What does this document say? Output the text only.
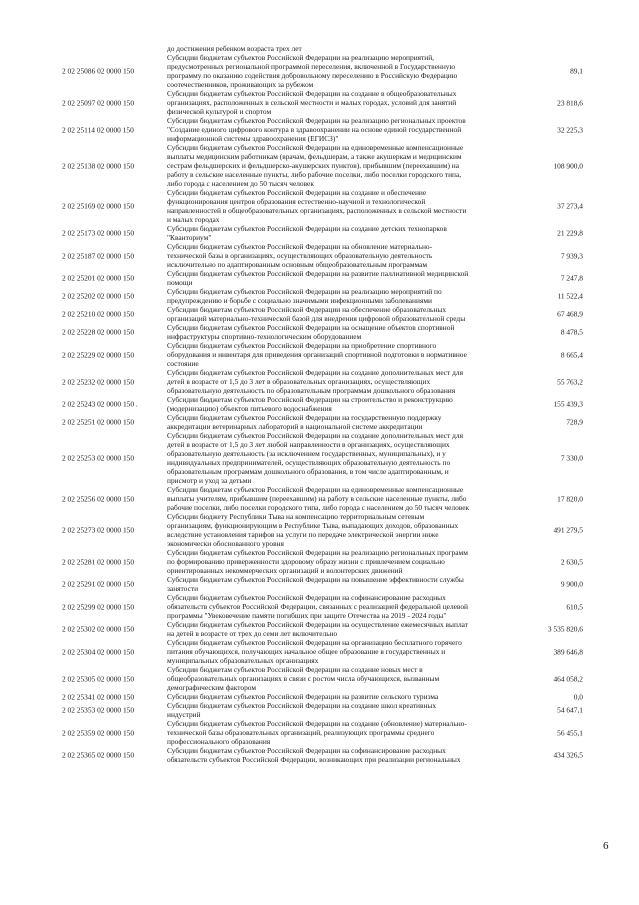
до достижения ребенком возраста трех лет
2 02 25086 02 0000 150
Субсидии бюджетам субъектов Российской Федерации на реализацию мероприятий,
предусмотренных региональной программой переселения, включенной в Государственную
программу по оказанию содействия добровольному переселению в Российскую Федерацию
соотечественников, проживающих за рубежом
89,1
2 02 25097 02 0000 150
Субсидии бюджетам субъектов Российской Федерации на создание в общеобразовательных
организациях, расположенных в сельской местности и малых городах, условий для занятий
физической культурой и спортом
23 818,6
2 02 25114 02 0000 150
Субсидии бюджетам субъектов Российской Федерации на реализацию региональных проектов
"Создание единого цифрового контура в здравоохранении на основе единой государственной
информационной системы здравоохранения (ЕГИСЗ)"
32 225,3
2 02 25138 02 0000 150
Субсидии бюджетам субъектов Российской Федерации на единовременные компенсационные
выплаты медицинским работникам (врачам, фельдшерам, а также акушеркам и медицинским
сестрам фельдшерских и фельдшерско-акушерских пунктов), прибывшим (переехавшим) на
работу в сельские населенные пункты, либо рабочие поселки, либо поселки городского типа,
либо города с населением до 50 тысяч человек
108 900,0
2 02 25169 02 0000 150
Субсидии бюджетам субъектов Российской Федерации на создание и обеспечение
функционирования центров образования естественно-научной и технологической
направленностей в общеобразовательных организациях, расположенных в сельской местности
и малых городах
37 273,4
2 02 25173 02 0000 150	Субсидии бюджетам субъектов Российской Федерации на создание детских технопарков
"Кванториум"	21 229,8
2 02 25187 02 0000 150
Субсидии бюджетам субъектов Российской Федерации на обновление материально-
технической базы в организациях, осуществляющих образовательную деятельность
исключительно по адаптированным основным общеобразовательным программам
7 939,3
2 02 25201 02 0000 150	Субсидии бюджетам субъектов Российской Федерации на развитие паллиативной медицинской
помощи	7 247,8
2 02 25202 02 0000 150	Субсидии бюджетам субъектов Российской Федерации на реализацию мероприятий по
предупреждению и борьбе с социально значимыми инфекционными заболеваниями	11 522,4
2 02 25210 02 0000 150	Субсидии бюджетам субъектов Российской Федерации на обеспечение образовательных
организаций материально-технической базой для внедрения цифровой образовательной среды	67 468,9
2 02 25228 02 0000 150	Субсидии бюджетам субъектов Российской Федерации на оснащение объектов спортивной
инфраструктуры спортивно-технологическим оборудованием	8 478,5
2 02 25229 02 0000 150
Субсидии бюджетам субъектов Российской Федерации на приобретение спортивного
оборудования и инвентаря для приведения организаций спортивной подготовки в нормативное
состояние
8 665,4
2 02 25232 02 0000 150
Субсидии бюджетам субъектов Российской Федерации на создание дополнительных мест для
детей в возрасте от 1,5 до 3 лет в образовательных организациях, осуществляющих
образовательную деятельность по образовательным программам дошкольного образования
55 763,2
2 02 25243 02 0000 150 .	Субсидии бюджетам субъектов Российской Федерации на строительство и реконструкцию
(модернизацию) объектов питьевого водоснабжения	155 439,3
2 02 25251 02 0000 150	Субсидии бюджетам субъектов Российской Федерации на государственную поддержку
аккредитации ветеринарных лабораторий в национальной системе аккредитации	728,9
2 02 25253 02 0000 150
Субсидии бюджетам субъектов Российской Федерации на создание дополнительных мест для
детей в возрасте от 1,5 до 3 лет любой направленности в организациях, осуществляющих
образовательную деятельность (за исключением государственных, муниципальных), и у
индивидуальных предпринимателей, осуществляющих образовательную деятельность по
образовательным программам дошкольного образования, в том числе адаптированным, и
присмотр и уход за детьми
7 330,0
2 02 25256 02 0000 150
Субсидии бюджетам субъектов Российской Федерации на единовременные компенсационные
выплаты учителям, прибывшим (переехавшим) на работу в сельские населенные пункты, либо
рабочие поселки, либо поселки городского типа, либо города с населением до 50 тысяч человек
17 820,0
2 02 25273 02 0000 150
Субсидии бюджету Республики Тыва на компенсацию территориальным сетевым
организациям, функционирующим в Республике Тыва, выпадающих доходов, образованных
вследствие установления тарифов на услуги по передаче электрической энергии ниже
экономически обоснованного уровня
491 279,5
2 02 25281 02 0000 150
Субсидии бюджетам субъектов Российской Федерации на реализацию региональных программ
по формированию приверженности здоровому образу жизни с привлечением социально
ориентированных некоммерческих организаций и волонтерских движений
2 630,5
2 02 25291 02 0000 150	Субсидии бюджетам субъектов Российской Федерации на повышение эффективности службы
занятости	9 900,0
2 02 25299 02 0000 150
Субсидии бюджетам субъектов Российской Федерации на софинансирование расходных
обязательств субъектов Российской Федерации, связанных с реализацией федеральной целевой
программы "Увековечение памяти погибших при защите Отечества на 2019 - 2024 годы"
610,5
2 02 25302 02 0000 150	Субсидии бюджетам субъектов Российской Федерации на осуществление ежемесячных выплат
на детей в возрасте от трех до семи лет включительно	3 535 820,6
2 02 25304 02 0000 150
Субсидии бюджетам субъектов Российской Федерации на организацию бесплатного горячего
питания обучающихся, получающих начальное общее образование в государственных и
муниципальных образовательных организациях
389 646,8
2 02 25305 02 0000 150
Субсидии бюджетам субъектов Российской Федерации на создание новых мест в
общеобразовательных организациях в связи с ростом числа обучающихся, вызванным
демографическим фактором
464 058,2
2 02 25341 02 0000 150	Субсидии бюджетам субъектов Российской Федерации на развитие сельского туризма	0,0
2 02 25353 02 0000 150	Субсидии бюджетам субъектов Российской Федерации на создание школ креативных
индустрий	54 647,1
2 02 25359 02 0000 150
Субсидии бюджетам субъектов Российской Федерации на создание (обновление) материально-
технической базы образовательных организаций, реализующих программы среднего
профессионального образования
56 455,1
2 02 25365 02 0000 150	Субсидии бюджетам субъектов Российской Федерации на софинансирование расходных
обязательств субъектов Российской Федерации, возникающих при реализации региональных	434 326,5
6
